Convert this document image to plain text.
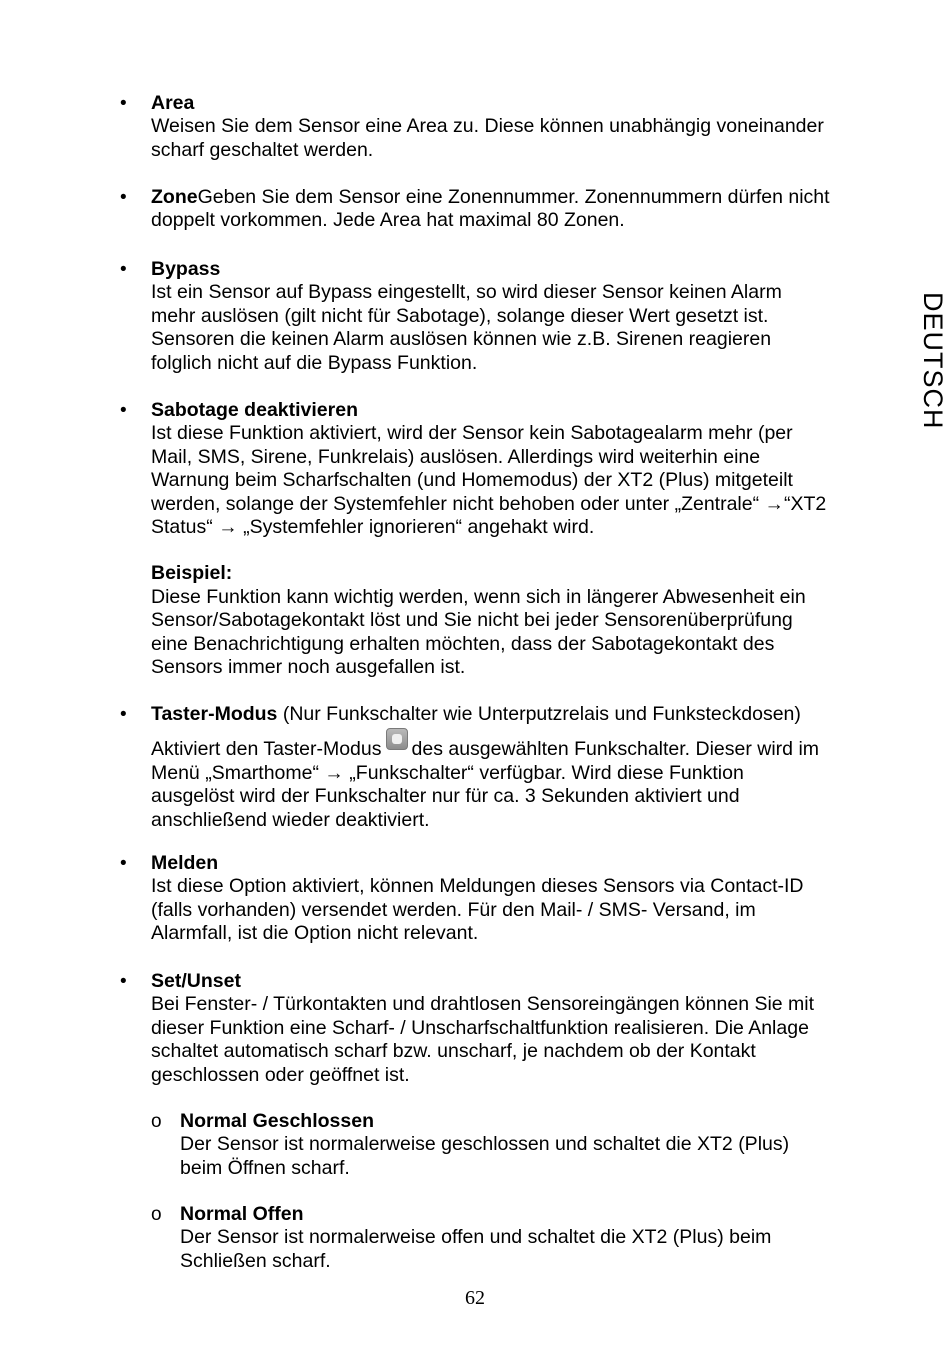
• Area
Weisen Sie dem Sensor eine Area zu. Diese können unabhängig voneinander
scharf geschaltet werden.
• ZoneGeben Sie dem Sensor eine Zonennummer. Zonennummern dürfen nicht
doppelt vorkommen. Jede Area hat maximal 80 Zonen.
• Bypass
Ist ein Sensor auf Bypass eingestellt, so wird dieser Sensor keinen Alarm
mehr auslösen (gilt nicht für Sabotage), solange dieser Wert gesetzt ist.
Sensoren die keinen Alarm auslösen können wie z.B. Sirenen reagieren
folglich nicht auf die Bypass Funktion.
• Sabotage deaktivieren
Ist diese Funktion aktiviert, wird der Sensor kein Sabotagealarm mehr (per
Mail, SMS, Sirene, Funkrelais) auslösen. Allerdings wird weiterhin eine
Warnung beim Scharfschalten (und Homemodus) der XT2 (Plus) mitgeteilt
werden, solange der Systemfehler nicht behoben oder unter „Zentrale“ →“XT2
Status“ → „Systemfehler ignorieren“ angehakt wird.
Beispiel:
Diese Funktion kann wichtig werden, wenn sich in längerer Abwesenheit ein
Sensor/Sabotagekontakt löst und Sie nicht bei jeder Sensorenüberprüfung
eine Benachrichtigung erhalten möchten, dass der Sabotagekontakt des
Sensors immer noch ausgefallen ist.
• Taster-Modus (Nur Funkschalter wie Unterputzrelais und Funksteckdosen)
Aktiviert den Taster-Modus des ausgewählten Funkschalter. Dieser wird im
Menü „Smarthome“ → „Funkschalter“ verfügbar. Wird diese Funktion
ausgelöst wird der Funkschalter nur für ca. 3 Sekunden aktiviert und
anschließend wieder deaktiviert.
• Melden
Ist diese Option aktiviert, können Meldungen dieses Sensors via Contact-ID
(falls vorhanden) versendet werden. Für den Mail- / SMS- Versand, im
Alarmfall, ist die Option nicht relevant.
• Set/Unset
Bei Fenster- / Türkontakten und drahtlosen Sensoreingängen können Sie mit
dieser Funktion eine Scharf- / Unscharfschaltfunktion realisieren. Die Anlage
schaltet automatisch scharf bzw. unscharf, je nachdem ob der Kontakt
geschlossen oder geöffnet ist.
o Normal Geschlossen
Der Sensor ist normalerweise geschlossen und schaltet die XT2 (Plus)
beim Öffnen scharf.
o Normal Offen
Der Sensor ist normalerweise offen und schaltet die XT2 (Plus) beim
Schließen scharf.
DEUTSCH
62
